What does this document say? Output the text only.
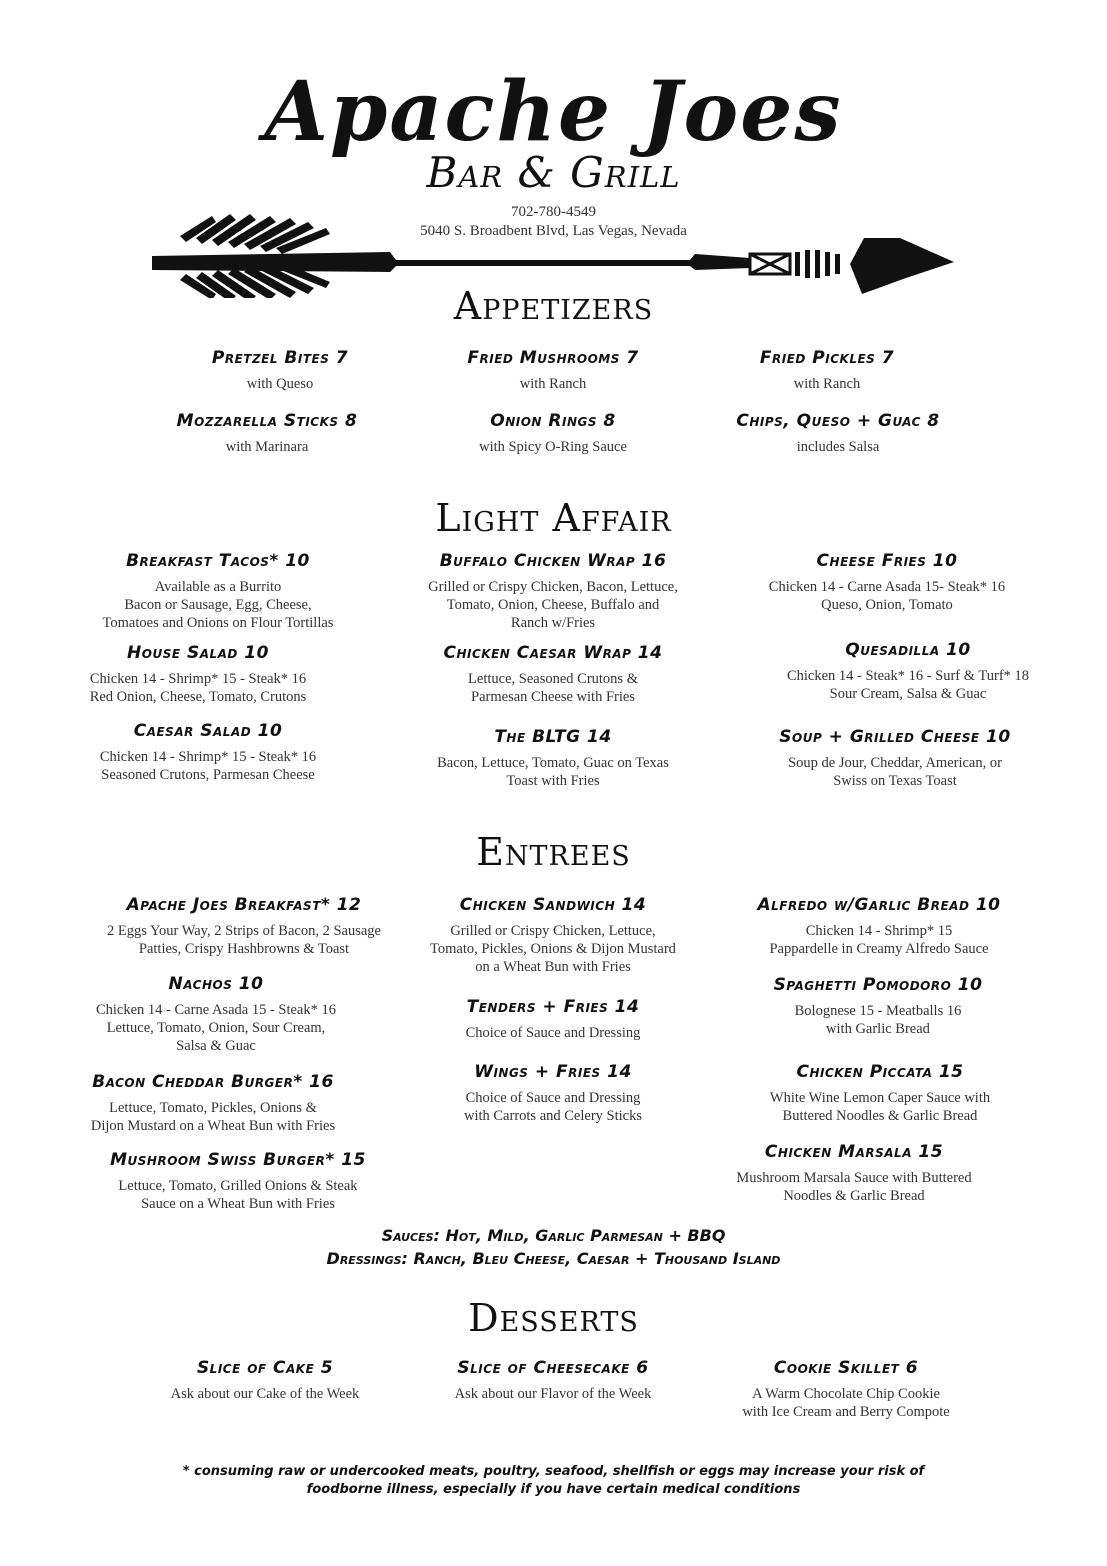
Apache Joes
Bar & Grill
702-780-4549
5040 S. Broadbent Blvd, Las Vegas, Nevada
Appetizers
Pretzel Bites 7
with Queso
Fried Mushrooms 7
with Ranch
Fried Pickles 7
with Ranch
Mozzarella Sticks 8
with Marinara
Onion Rings 8
with Spicy O-Ring Sauce
Chips, Queso + Guac 8
includes Salsa
Light Affair
Breakfast Tacos* 10
Available as a Burrito
Bacon or Sausage, Egg, Cheese,
Tomatoes and Onions on Flour Tortillas
House Salad 10
Chicken 14 - Shrimp* 15 - Steak* 16
Red Onion, Cheese, Tomato, Crutons
Caesar Salad 10
Chicken 14 - Shrimp* 15 - Steak* 16
Seasoned Crutons, Parmesan Cheese
Buffalo Chicken Wrap 16
Grilled or Crispy Chicken, Bacon, Lettuce,
Tomato, Onion, Cheese, Buffalo and
Ranch w/Fries
Chicken Caesar Wrap 14
Lettuce, Seasoned Crutons &
Parmesan Cheese with Fries
The BLTG 14
Bacon, Lettuce, Tomato, Guac on Texas
Toast with Fries
Cheese Fries 10
Chicken 14 - Carne Asada 15- Steak* 16
Queso, Onion, Tomato
Quesadilla 10
Chicken 14 - Steak* 16 - Surf & Turf* 18
Sour Cream, Salsa & Guac
Soup + Grilled Cheese 10
Soup de Jour, Cheddar, American, or
Swiss on Texas Toast
Entrees
Apache Joes Breakfast* 12
2 Eggs Your Way, 2 Strips of Bacon, 2 Sausage
Patties, Crispy Hashbrowns & Toast
Nachos 10
Chicken 14 - Carne Asada 15 - Steak* 16
Lettuce, Tomato, Onion, Sour Cream,
Salsa & Guac
Bacon Cheddar Burger* 16
Lettuce, Tomato, Pickles, Onions &
Dijon Mustard on a Wheat Bun with Fries
Mushroom Swiss Burger* 15
Lettuce, Tomato, Grilled Onions & Steak
Sauce on a Wheat Bun with Fries
Chicken Sandwich 14
Grilled or Crispy Chicken, Lettuce,
Tomato, Pickles, Onions & Dijon Mustard
on a Wheat Bun with Fries
Tenders + Fries 14
Choice of Sauce and Dressing
Wings + Fries 14
Choice of Sauce and Dressing
with Carrots and Celery Sticks
Alfredo w/Garlic Bread 10
Chicken 14 - Shrimp* 15
Pappardelle in Creamy Alfredo Sauce
Spaghetti Pomodoro 10
Bolognese 15 - Meatballs 16
with Garlic Bread
Chicken Piccata 15
White Wine Lemon Caper Sauce with
Buttered Noodles & Garlic Bread
Chicken Marsala 15
Mushroom Marsala Sauce with Buttered
Noodles & Garlic Bread
Sauces: Hot, Mild, Garlic Parmesan + BBQ
Dressings: Ranch, Bleu Cheese, Caesar + Thousand Island
Desserts
Slice of Cake 5
Ask about our Cake of the Week
Slice of Cheesecake 6
Ask about our Flavor of the Week
Cookie Skillet 6
A Warm Chocolate Chip Cookie
with Ice Cream and Berry Compote
* consuming raw or undercooked meats, poultry, seafood, shellfish or eggs may increase your risk of
foodborne illness, especially if you have certain medical conditions
